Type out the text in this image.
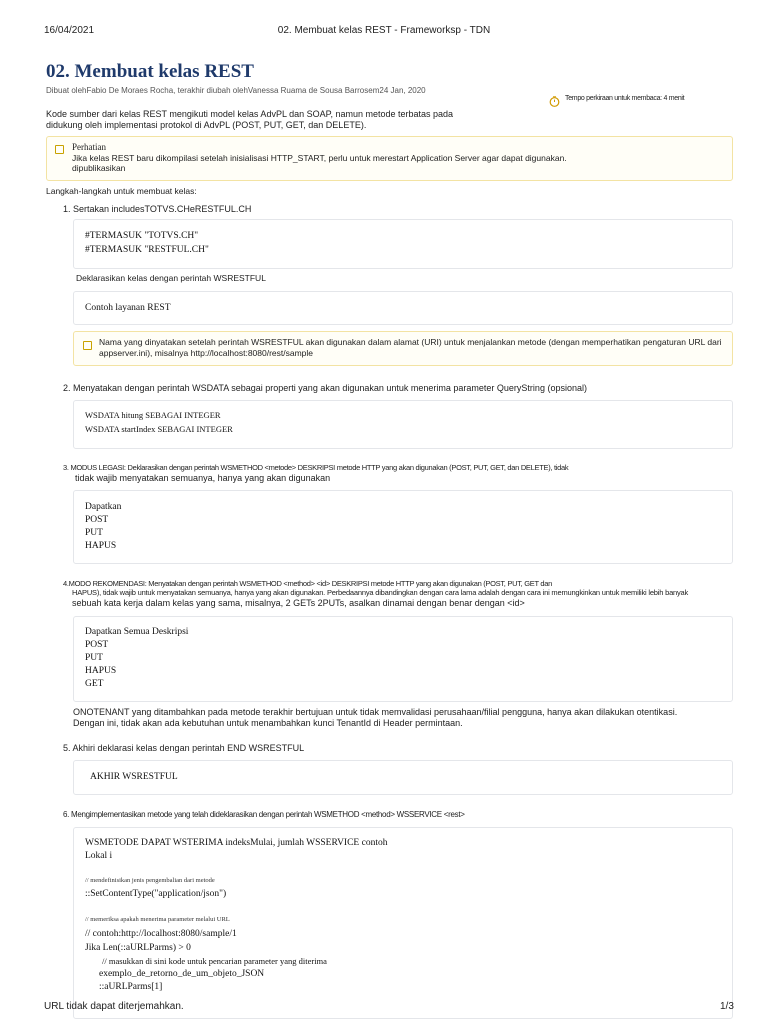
16/04/2021	02. Membuat kelas REST - Frameworksp - TDN
02. Membuat kelas REST
Dibuat olehFabio De Moraes Rocha, terakhir diubah olehVanessa Ruama de Sousa Barrosem24 Jan, 2020
Tempo perkiraan untuk membaca: 4 menit
Kode sumber dari kelas REST mengikuti model kelas AdvPL dan SOAP, namun metode terbatas pada
didukung oleh implementasi protokol di AdvPL (POST, PUT, GET, dan DELETE).
Perhatian
Jika kelas REST baru dikompilasi setelah inisialisasi HTTP_START, perlu untuk merestart Application Server agar dapat digunakan.
dipublikasikan
Langkah-langkah untuk membuat kelas:
1. Sertakan includesTOTVS.CHeRESTFUL.CH
#TERMASUK "TOTVS.CH"
#TERMASUK "RESTFUL.CH"
Deklarasikan kelas dengan perintah WSRESTFUL
Contoh layanan REST
Nama yang dinyatakan setelah perintah WSRESTFUL akan digunakan dalam alamat (URI) untuk menjalankan metode (dengan memperhatikan pengaturan URL dari
appserver.ini), misalnya http://localhost:8080/rest/sample
2. Menyatakan dengan perintah WSDATA sebagai properti yang akan digunakan untuk menerima parameter QueryString (opsional)
WSDATA hitung SEBAGAI INTEGER
WSDATA startIndex SEBAGAI INTEGER
3. MODUS LEGASI: Deklarasikan dengan perintah WSMETHOD <metode> DESKRIPSI metode HTTP yang akan digunakan (POST, PUT, GET, dan DELETE), tidak
tidak wajib menyatakan semuanya, hanya yang akan digunakan
Dapatkan
POST
PUT
HAPUS
4.MODO REKOMENDASI: Menyatakan dengan perintah WSMETHOD <method> <id> DESKRIPSI metode HTTP yang akan digunakan (POST, PUT, GET dan
HAPUS), tidak wajib untuk menyatakan semuanya, hanya yang akan digunakan. Perbedaannya dibandingkan dengan cara lama adalah dengan cara ini memungkinkan untuk memiliki lebih banyak
sebuah kata kerja dalam kelas yang sama, misalnya, 2 GETs 2PUTs, asalkan dinamai dengan benar dengan <id>
Dapatkan Semua Deskripsi
POST
PUT
HAPUS
GET
ONOTENANT yang ditambahkan pada metode terakhir bertujuan untuk tidak memvalidasi perusahaan/filial pengguna, hanya akan dilakukan otentikasi.
Dengan ini, tidak akan ada kebutuhan untuk menambahkan kunci TenantId di Header permintaan.
5. Akhiri deklarasi kelas dengan perintah END WSRESTFUL
AKHIR WSRESTFUL
6. Mengimplementasikan metode yang telah dideklarasikan dengan perintah WSMETHOD <method> WSSERVICE <rest>
WSMETODE DAPAT WSTERIMA indeksMulai, jumlah WSSERVICE contoh
Lokal i
// mendefinisikan jenis pengembalian dari metode
::SetContentType("application/json")
// memeriksa apakah menerima parameter melalui URL
// contoh:http://localhost:8080/sample/1
Jika Len(::aURLParms) > 0
// masukkan di sini kode untuk pencarian parameter yang diterima
exemplo_de_retorno_de_um_objeto_JSON
::aURLParms[1]
URL tidak dapat diterjemahkan.	1/3
